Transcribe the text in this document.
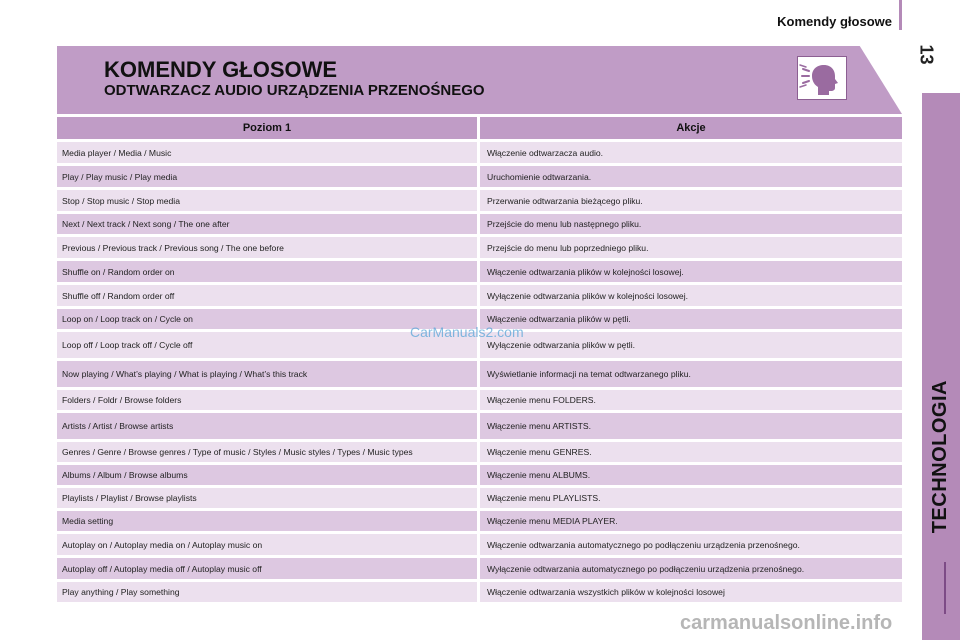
Komendy głosowe
13
TECHNOLOGIA
KOMENDY GŁOSOWE
ODTWARZACZ AUDIO URZĄDZENIA PRZENOŚNEGO
Poziom 1	Akcje
Media player / Media / Music	Włączenie odtwarzacza audio.
Play / Play music / Play media	Uruchomienie odtwarzania.
Stop / Stop music / Stop media	Przerwanie odtwarzania bieżącego pliku.
Next / Next track / Next song / The one after	Przejście do menu lub następnego pliku.
Previous / Previous track / Previous song / The one before	Przejście do menu lub poprzedniego pliku.
Shuffle on / Random order on	Włączenie odtwarzania plików w kolejności losowej.
Shuffle off / Random order off	Wyłączenie odtwarzania plików w kolejności losowej.
Loop on / Loop track on / Cycle on	Włączenie odtwarzania plików w pętli.
Loop off / Loop track off / Cycle off	Wyłączenie odtwarzania plików w pętli.
Now playing / What’s playing / What is playing / What’s this track	Wyświetlanie informacji na temat odtwarzanego pliku.
Folders / Foldr / Browse folders	Włączenie menu FOLDERS.
Artists / Artist / Browse artists	Włączenie menu ARTISTS.
Genres / Genre / Browse genres / Type of music / Styles / Music styles / Types / Music types	Włączenie menu GENRES.
Albums / Album / Browse albums	Włączenie menu ALBUMS.
Playlists / Playlist / Browse playlists	Włączenie menu PLAYLISTS.
Media setting	Włączenie menu MEDIA PLAYER.
Autoplay on / Autoplay media on / Autoplay music on	Włączenie odtwarzania automatycznego po podłączeniu urządzenia przenośnego.
Autoplay off / Autoplay media off / Autoplay music off	Wyłączenie odtwarzania automatycznego po podłączeniu urządzenia przenośnego.
Play anything / Play something	Włączenie odtwarzania wszystkich plików w kolejności losowej
CarManuals2.com
carmanualsonline.info
